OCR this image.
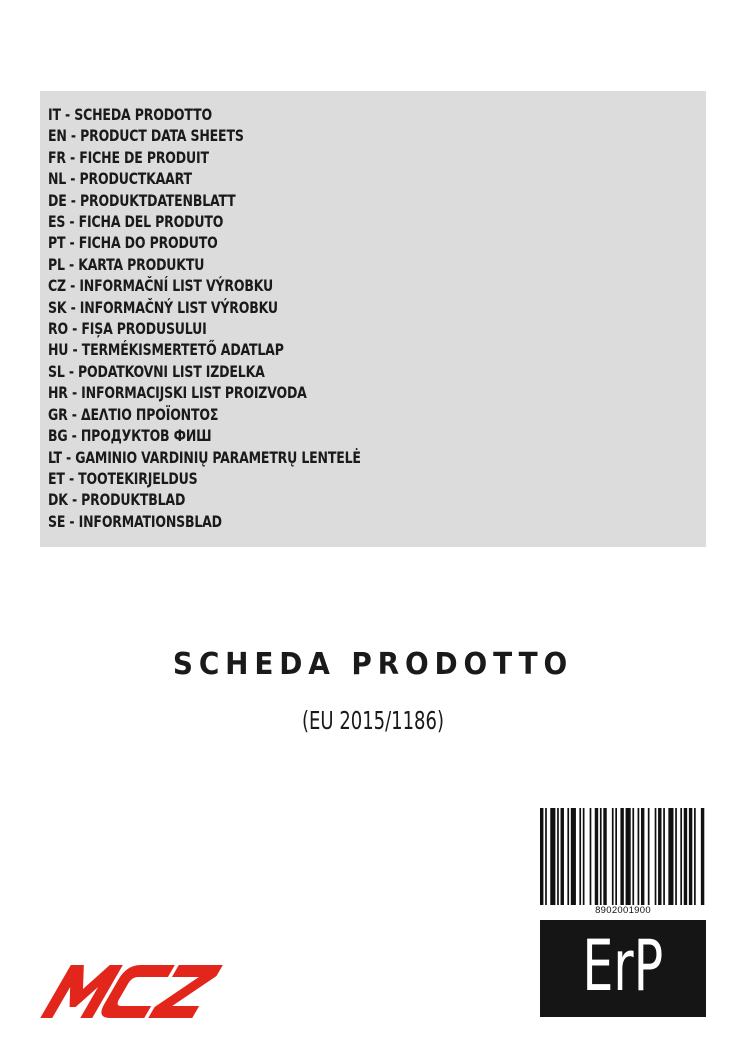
IT - SCHEDA PRODOTTO
EN - PRODUCT DATA SHEETS
FR - FICHE DE PRODUIT
NL - PRODUCTKAART
DE - PRODUKTDATENBLATT
ES - FICHA DEL PRODUTO
PT - FICHA DO PRODUTO
PL - KARTA PRODUKTU
CZ - INFORMAČNÍ LIST VÝROBKU
SK - INFORMAČNÝ LIST VÝROBKU
RO - FIȘA PRODUSULUI
HU - TERMÉKISMERTETŐ ADATLAP
SL - PODATKOVNI LIST IZDELKA
HR - INFORMACIJSKI LIST PROIZVODA
GR - ΔΕΛΤΙΟ ΠΡΟΪΟΝΤΟΣ
BG - ПРОДУКТОВ ФИШ
LT - GAMINIO VARDINIŲ PARAMETRŲ LENTELĖ
ET - TOOTEKIRJELDUS
DK - PRODUKTBLAD
SE - INFORMATIONSBLAD
SCHEDA PRODOTTO
(EU 2015/1186)
8902001900
ErP
